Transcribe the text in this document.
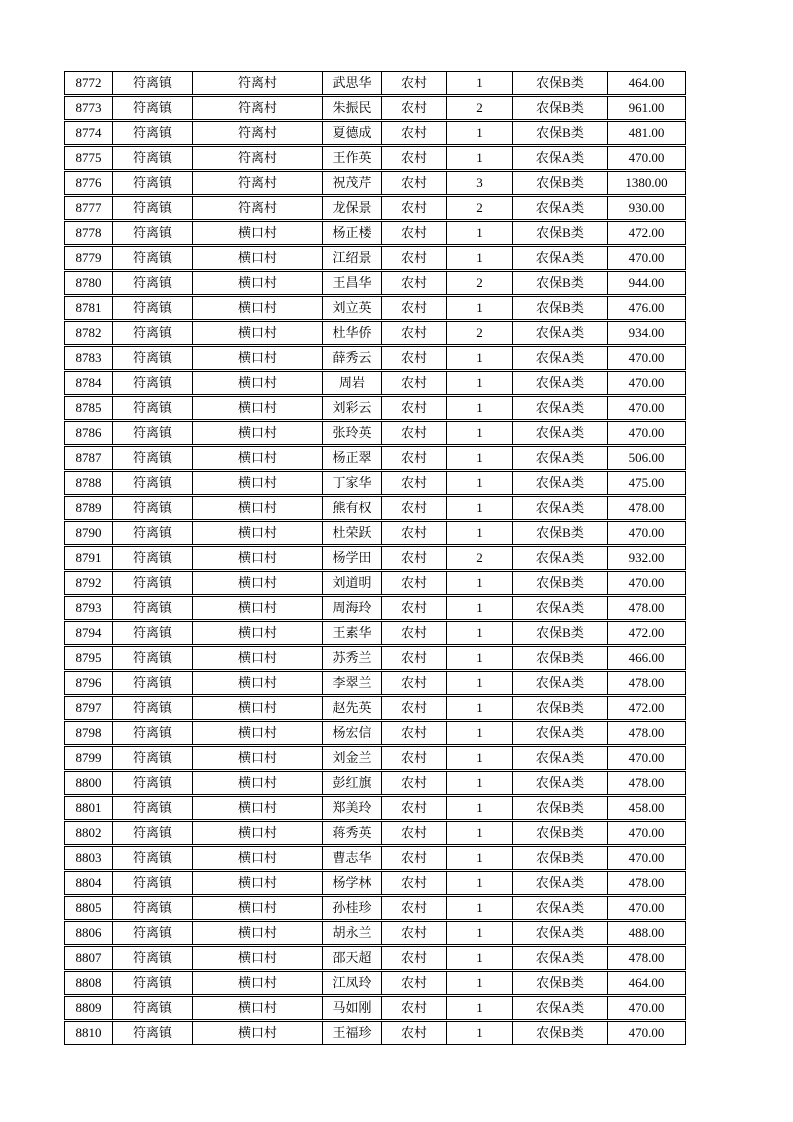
8772	符离镇	符离村	武思华	农村	1	农保B类	464.00
8773	符离镇	符离村	朱振民	农村	2	农保B类	961.00
8774	符离镇	符离村	夏德成	农村	1	农保B类	481.00
8775	符离镇	符离村	王作英	农村	1	农保A类	470.00
8776	符离镇	符离村	祝茂芹	农村	3	农保B类	1380.00
8777	符离镇	符离村	龙保景	农村	2	农保A类	930.00
8778	符离镇	横口村	杨正楼	农村	1	农保B类	472.00
8779	符离镇	横口村	江绍景	农村	1	农保A类	470.00
8780	符离镇	横口村	王昌华	农村	2	农保B类	944.00
8781	符离镇	横口村	刘立英	农村	1	农保B类	476.00
8782	符离镇	横口村	杜华侨	农村	2	农保A类	934.00
8783	符离镇	横口村	薛秀云	农村	1	农保A类	470.00
8784	符离镇	横口村	周岩	农村	1	农保A类	470.00
8785	符离镇	横口村	刘彩云	农村	1	农保A类	470.00
8786	符离镇	横口村	张玲英	农村	1	农保A类	470.00
8787	符离镇	横口村	杨正翠	农村	1	农保A类	506.00
8788	符离镇	横口村	丁家华	农村	1	农保A类	475.00
8789	符离镇	横口村	熊有权	农村	1	农保A类	478.00
8790	符离镇	横口村	杜荣跃	农村	1	农保B类	470.00
8791	符离镇	横口村	杨学田	农村	2	农保A类	932.00
8792	符离镇	横口村	刘道明	农村	1	农保B类	470.00
8793	符离镇	横口村	周海玲	农村	1	农保A类	478.00
8794	符离镇	横口村	王素华	农村	1	农保B类	472.00
8795	符离镇	横口村	苏秀兰	农村	1	农保B类	466.00
8796	符离镇	横口村	李翠兰	农村	1	农保A类	478.00
8797	符离镇	横口村	赵先英	农村	1	农保B类	472.00
8798	符离镇	横口村	杨宏信	农村	1	农保A类	478.00
8799	符离镇	横口村	刘金兰	农村	1	农保A类	470.00
8800	符离镇	横口村	彭红旗	农村	1	农保A类	478.00
8801	符离镇	横口村	郑美玲	农村	1	农保B类	458.00
8802	符离镇	横口村	蒋秀英	农村	1	农保B类	470.00
8803	符离镇	横口村	曹志华	农村	1	农保B类	470.00
8804	符离镇	横口村	杨学林	农村	1	农保A类	478.00
8805	符离镇	横口村	孙桂珍	农村	1	农保A类	470.00
8806	符离镇	横口村	胡永兰	农村	1	农保A类	488.00
8807	符离镇	横口村	邵天超	农村	1	农保A类	478.00
8808	符离镇	横口村	江凤玲	农村	1	农保B类	464.00
8809	符离镇	横口村	马如刚	农村	1	农保A类	470.00
8810	符离镇	横口村	王福珍	农村	1	农保B类	470.00
